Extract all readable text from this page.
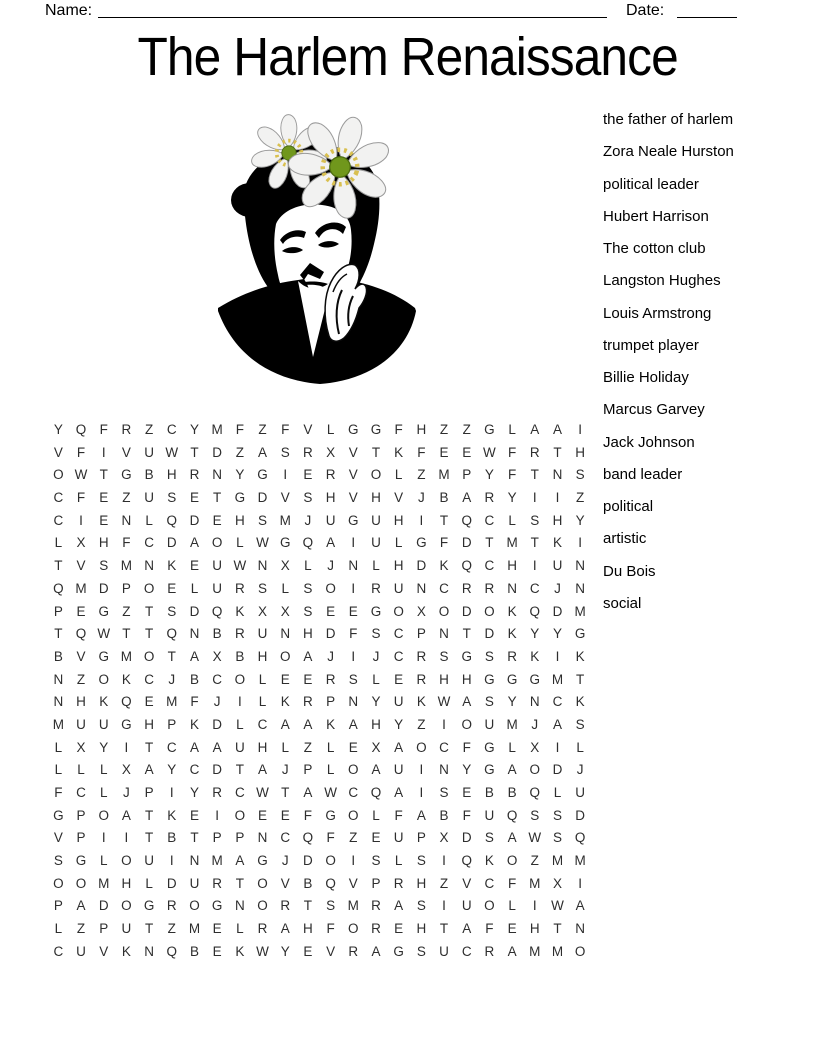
Name:	Date:
The Harlem Renaissance
the father of harlem
Zora Neale Hurston
political leader
Hubert Harrison
The cotton club
Langston Hughes
Louis Armstrong
trumpet player
Billie Holiday
Marcus Garvey
Jack Johnson
band leader
political
artistic
Du Bois
social
Y Q F	R	Z	C Y M F	Z	F	V	L	G G F	H	Z	Z G	L	A	A	I
V	F	I	V U W T	D	Z	A	S R X	V	T	K	F	E	E W F	R	T	H
O W T G B H R N Y G	I	E R V O	L	Z M P	Y	F	T	N S
C	F	E	Z	U S	E	T G D V	S H V H V	J	B	A R Y	I	I	Z
C	I	E N	L	Q D E H S M	J	U G U H	I	T Q C	L	S H Y
L	X H	F	C D A O	L W G Q A	I	U	L	G F	D	T M T	K	I
T	V	S M N K	E U W N X	L	J	N	L	H D K Q C H	I	U N
Q M D P O E	L	U R S	L	S O	I	R U N C R R N C	J	N
P	E G Z	T	S D Q K	X	X	S	E	E G O X O D O K Q D M
T Q W T	T Q N B R U N H D	F	S C P N	T	D K	Y	Y G
B	V G M O T	A	X	B H O A	J	I	J	C R S G S R K	I	K
N	Z O K C	J	B C O	L	E	E R S	L	E R H H G G G M T
N H K Q E M F	J	I	L	K R P N Y U K W A	S	Y N C K
M U U G H P	K D	L	C A	A	K	A H Y	Z	I	O U M	J	A	S
L	X	Y	I	T	C A	A U H	L	Z	L	E	X	A O C	F G	L	X	I	L
L	L	L	X	A	Y C D	T	A	J	P	L	O A U	I	N Y G A O D	J
F	C	L	J	P	I	Y R C W T	A W C Q A	I	S	E	B	B Q	L	U
G P O A	T	K	E	I	O E	E	F G O	L	F	A	B	F	U Q S	S D
V	P	I	I	T	B	T	P	P N C Q F	Z	E U P	X D S	A W S Q
S G	L	O U	I	N M A G	J	D O	I	S	L	S	I	Q K O Z M M
O O M H	L	D U R	T O V	B Q V	P R H	Z	V C	F M X	I
P	A D O G R O G N O R	T	S M R A	S	I	U O	L	I	W A
L	Z	P U	T	Z M E	L	R A H	F O R E H	T	A	F	E H	T	N
C U V	K N Q B	E	K W Y	E	V R A G S U C R A M M O
